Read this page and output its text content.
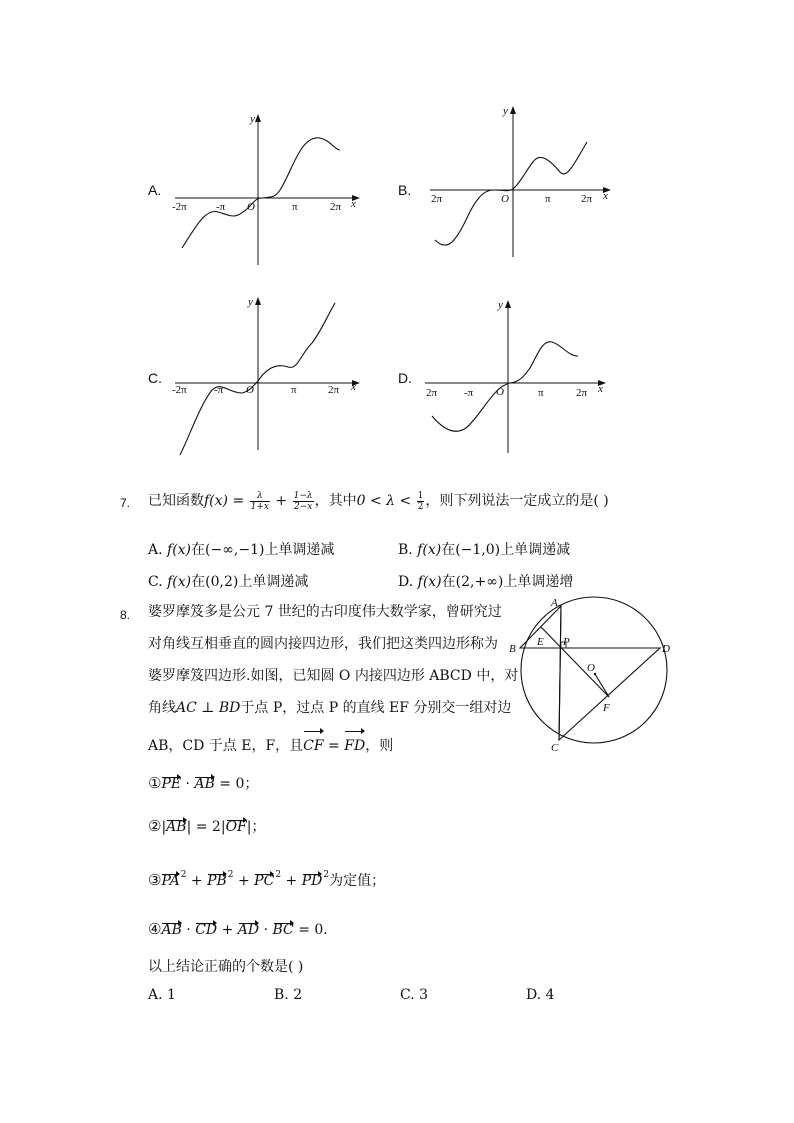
A.
y
x
O
-2π	-π	π	2π
B.
y
x
O
2π	π	2π
C.
y
x
O
-2π -π	π	2π
D.
y
x
O
2π -π	π	2π
7. 已知函数$f(x) = \frac{\lambda}{1+x} + \frac{1-\lambda}{2-x}$ ，其中$0 < \lambda < \frac{1}{2}$ ，则下列说法一定成立的是( )
A. f(x)在(−∞,−1)上单调递减	B. f(x)在(−1,0)上单调递减
C. f(x)在(0,2)上单调递减	D. f(x)在(2,+∞)上单调递增
8. 婆罗摩笈多是公元 7 世纪的古印度伟大数学家，曾研究过
对角线互相垂直的圆内接四边形，我们把这类四边形称为
婆罗摩笈四边形.如图，已知圆 O 内接四边形 ABCD 中，对
角线AC ⊥ BD于点 P，过点 P 的直线 EF 分别交一组对边
AB，CD 于点 E，F，且CF = FD，则
①PE · AB = 0；
②|AB| = 2|OF|；
$③PA^2 + PB^2 + PC^2 + PD^2$为定值；
④AB · CD + AD · BC = 0.
以上结论正确的个数是( )
A. 1	B. 2	C. 3	D. 4
A
B
C
D
E P
O
F
